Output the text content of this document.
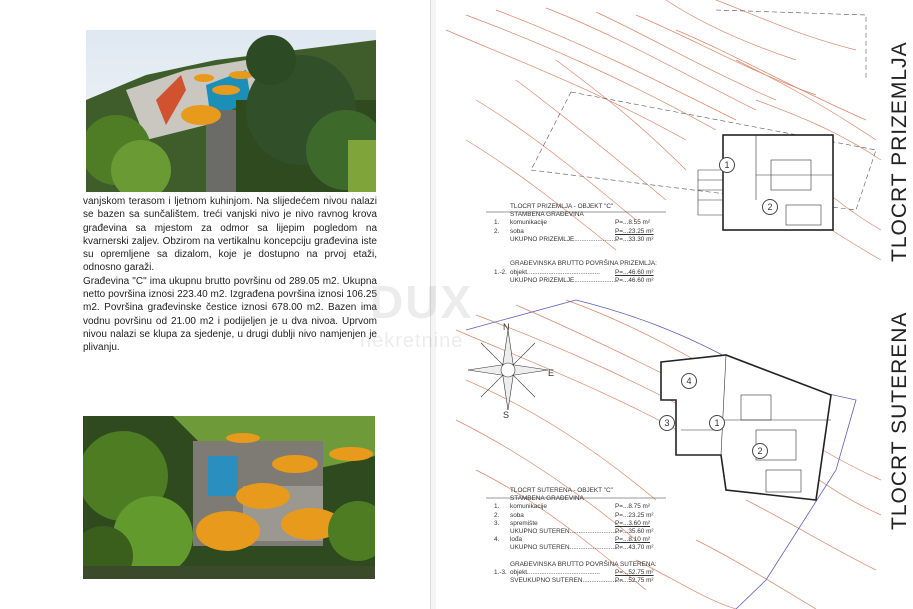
vanjskom terasom i ljetnom kuhinjom. Na slijedećem nivou nalazi se bazen sa sunčalištem. treći vanjski nivo je nivo ravnog krova građevina sa mjestom za odmor sa lijepim pogledom na kvarnerski zaljev. Obzirom na vertikalnu koncepciju građevina iste su opremljene sa dizalom, koje je dostupno na prvoj etaži, odnosno garaži.

Građevina "C" ima ukupnu brutto površinu od 289.05 m2. Ukupna netto površina iznosi 223.40 m2. Izgrađena površina iznosi 106.25 m2. Površina građevinske čestice iznosi 678.00 m2. Bazen ima vodnu površinu od 21.00 m2 i podijeljen je u dva nivoa. Uprvom nivou nalazi se klupa za sjedenje, u drugi dublji nivo namjenjen je plivanju.

N
E
S
1
2
4
3	1
2
TLOCRT PRIZEMLJA
TLOCRT SUTERENA
TLOCRT PRIZEMLJA - OBJEKT "C"
STAMBENA GRAĐEVINA
1. komunikacije	P=...8.55 m²
2. soba	P=...23.25 m²
UKUPNO PRIZEMLJE.........................
P=...33.30 m²
GRAĐEVINSKA BRUTTO POVRŠINA PRIZEMLJA:
1.-2. objekt......................................... P=...46.60 m²
UKUPNO PRIZEMLJE.........................
P=...46.60 m²
TLOCRT SUTERENA - OBJEKT "C"
STAMBENA GRAĐEVINA
1. komunikacije	P=...8.75 m²
2. soba	P=...23.25 m²
3. spremište	P=...3.60 m²
UKUPNO SUTEREN.............................
P=...35.60 m²
4. lođa	P=...8.10 m²
UKUPNO SUTEREN.............................
P=...43.70 m²
GRAĐEVINSKA BRUTTO POVRŠINA SUTERENA:
1.-3. objekt......................................... P=...52.75 m²
SVEUKUPNO SUTEREN.......................
P=...52.75 m²
